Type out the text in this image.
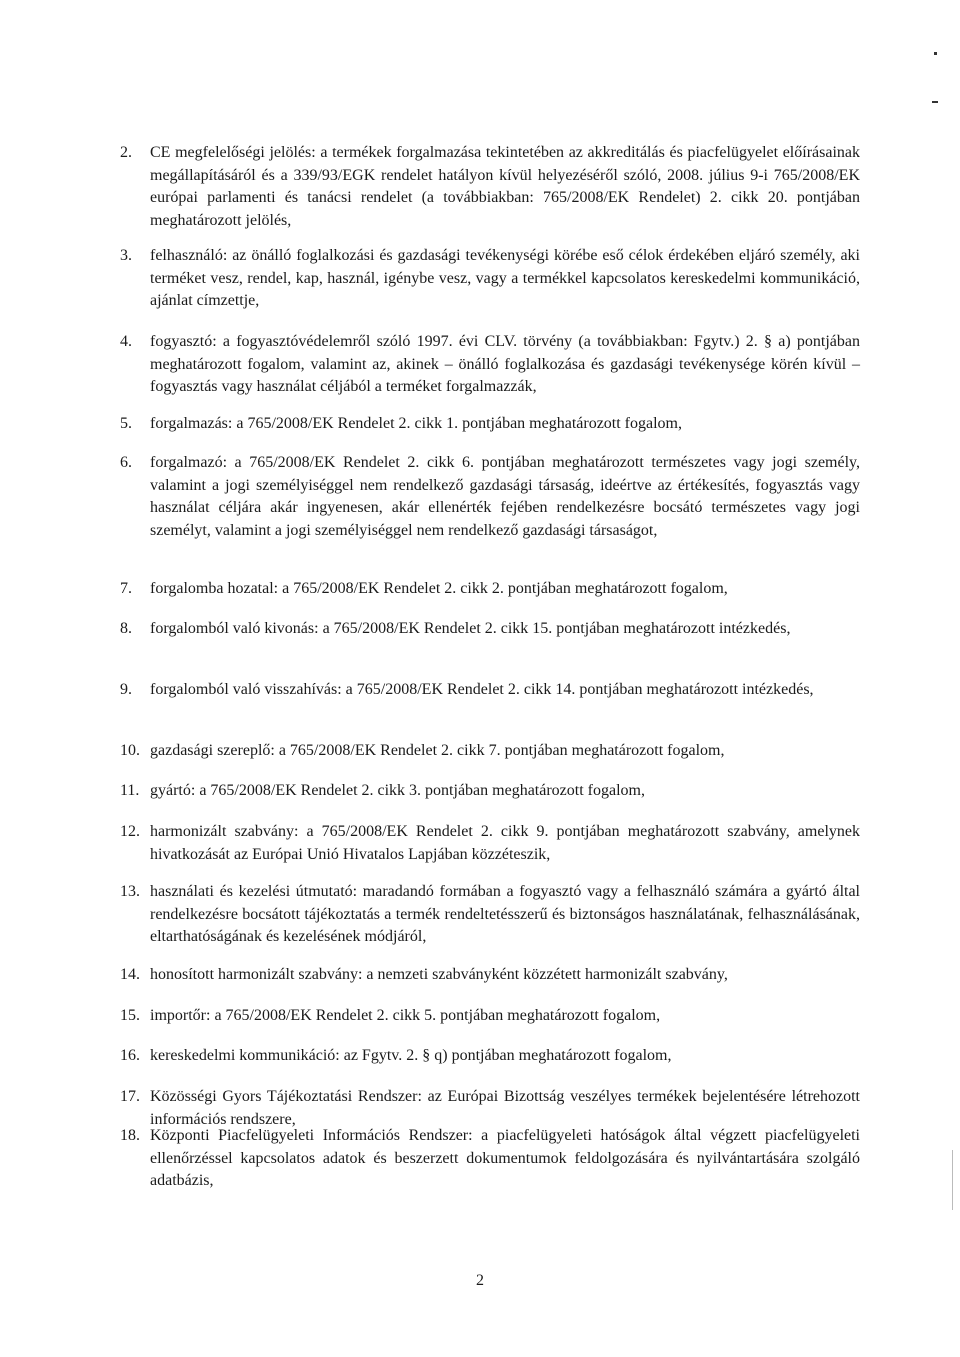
2. CE megfelelőségi jelölés: a termékek forgalmazása tekintetében az akkreditálás és piacfelügyelet előírásainak megállapításáról és a 339/93/EGK rendelet hatályon kívül helyezéséről szóló, 2008. július 9-i 765/2008/EK európai parlamenti és tanácsi rendelet (a továbbiakban: 765/2008/EK Rendelet) 2. cikk 20. pontjában meghatározott jelölés,
3. felhasználó: az önálló foglalkozási és gazdasági tevékenységi körébe eső célok érdekében eljáró személy, aki terméket vesz, rendel, kap, használ, igénybe vesz, vagy a termékkel kapcsolatos kereskedelmi kommunikáció, ajánlat címzettje,
4. fogyasztó: a fogyasztóvédelemről szóló 1997. évi CLV. törvény (a továbbiakban: Fgytv.) 2. § a) pontjában meghatározott fogalom, valamint az, akinek – önálló foglalkozása és gazdasági tevékenysége körén kívül – fogyasztás vagy használat céljából a terméket forgalmazzák,
5. forgalmazás: a 765/2008/EK Rendelet 2. cikk 1. pontjában meghatározott fogalom,
6. forgalmazó: a 765/2008/EK Rendelet 2. cikk 6. pontjában meghatározott természetes vagy jogi személy, valamint a jogi személyiséggel nem rendelkező gazdasági társaság, ideértve az értékesítés, fogyasztás vagy használat céljára akár ingyenesen, akár ellenérték fejében rendelkezésre bocsátó természetes vagy jogi személyt, valamint a jogi személyiséggel nem rendelkező gazdasági társaságot,
7. forgalomba hozatal: a 765/2008/EK Rendelet 2. cikk 2. pontjában meghatározott fogalom,
8. forgalomból való kivonás: a 765/2008/EK Rendelet 2. cikk 15. pontjában meghatározott intézkedés,
9. forgalomból való visszahívás: a 765/2008/EK Rendelet 2. cikk 14. pontjában meghatározott intézkedés,
10. gazdasági szereplő: a 765/2008/EK Rendelet 2. cikk 7. pontjában meghatározott fogalom,
11. gyártó: a 765/2008/EK Rendelet 2. cikk 3. pontjában meghatározott fogalom,
12. harmonizált szabvány: a 765/2008/EK Rendelet 2. cikk 9. pontjában meghatározott szabvány, amelynek hivatkozását az Európai Unió Hivatalos Lapjában közzéteszik,
13. használati és kezelési útmutató: maradandó formában a fogyasztó vagy a felhasználó számára a gyártó által rendelkezésre bocsátott tájékoztatás a termék rendeltetésszerű és biztonságos használatának, felhasználásának, eltarthatóságának és kezelésének módjáról,
14. honosított harmonizált szabvány: a nemzeti szabványként közzétett harmonizált szabvány,
15. importőr: a 765/2008/EK Rendelet 2. cikk 5. pontjában meghatározott fogalom,
16. kereskedelmi kommunikáció: az Fgytv. 2. § q) pontjában meghatározott fogalom,
17. Közösségi Gyors Tájékoztatási Rendszer: az Európai Bizottság veszélyes termékek bejelentésére létrehozott információs rendszere,
18. Központi Piacfelügyeleti Információs Rendszer: a piacfelügyeleti hatóságok által végzett piacfelügyeleti ellenőrzéssel kapcsolatos adatok és beszerzett dokumentumok feldolgozására és nyilvántartására szolgáló adatbázis,
2
